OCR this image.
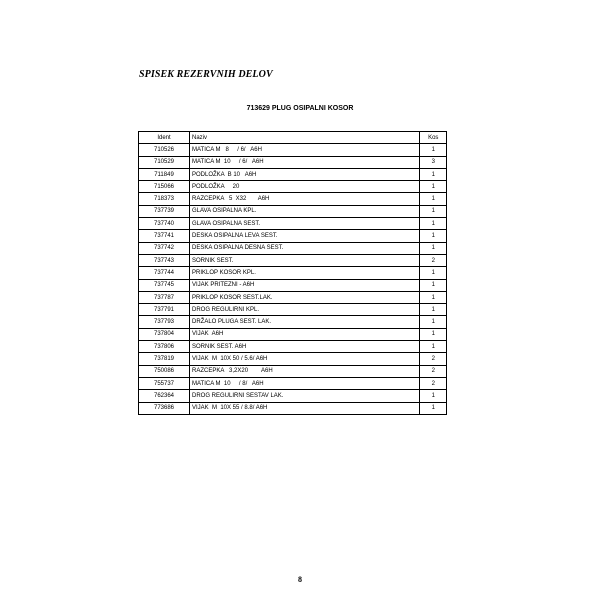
SPISEK REZERVNIH DELOV
713629 PLUG OSIPALNI KOSOR
Ident	Naziv	Kos
710526	MATICA M   8     / 6/   A6H	1
710529	MATICA M  10     / 6/   A6H	3
711849	PODLOŽKA  B 10   A6H	1
715066	PODLOŽKA     20	1
718373	RAZCEPKA   5  X32       A6H	1
737739	GLAVA OSIPALNA KPL.	1
737740	GLAVA OSIPALNA SEST.	1
737741	DESKA OSIPALNA LEVA SEST.	1
737742	DESKA OSIPALNA DESNA SEST.	1
737743	SORNIK SEST.	2
737744	PRIKLOP KOSOR KPL.	1
737745	VIJAK PRITEZNI - A6H	1
737787	PRIKLOP KOSOR SEST.LAK.	1
737791	DROG REGULIRNI KPL.	1
737793	DRŽALO PLUGA SEST. LAK.	1
737804	VIJAK  A6H	1
737806	SORNIK SEST. A6H	1
737819	VIJAK  M  10X 50 / 5.6/ A6H	2
750086	RAZCEPKA   3,2X20        A6H	2
755737	MATICA M  10     / 8/   A6H	2
762364	DROG REGULIRNI SESTAV LAK.	1
773686	VIJAK  M  10X 55 / 8.8/ A6H	1
8
